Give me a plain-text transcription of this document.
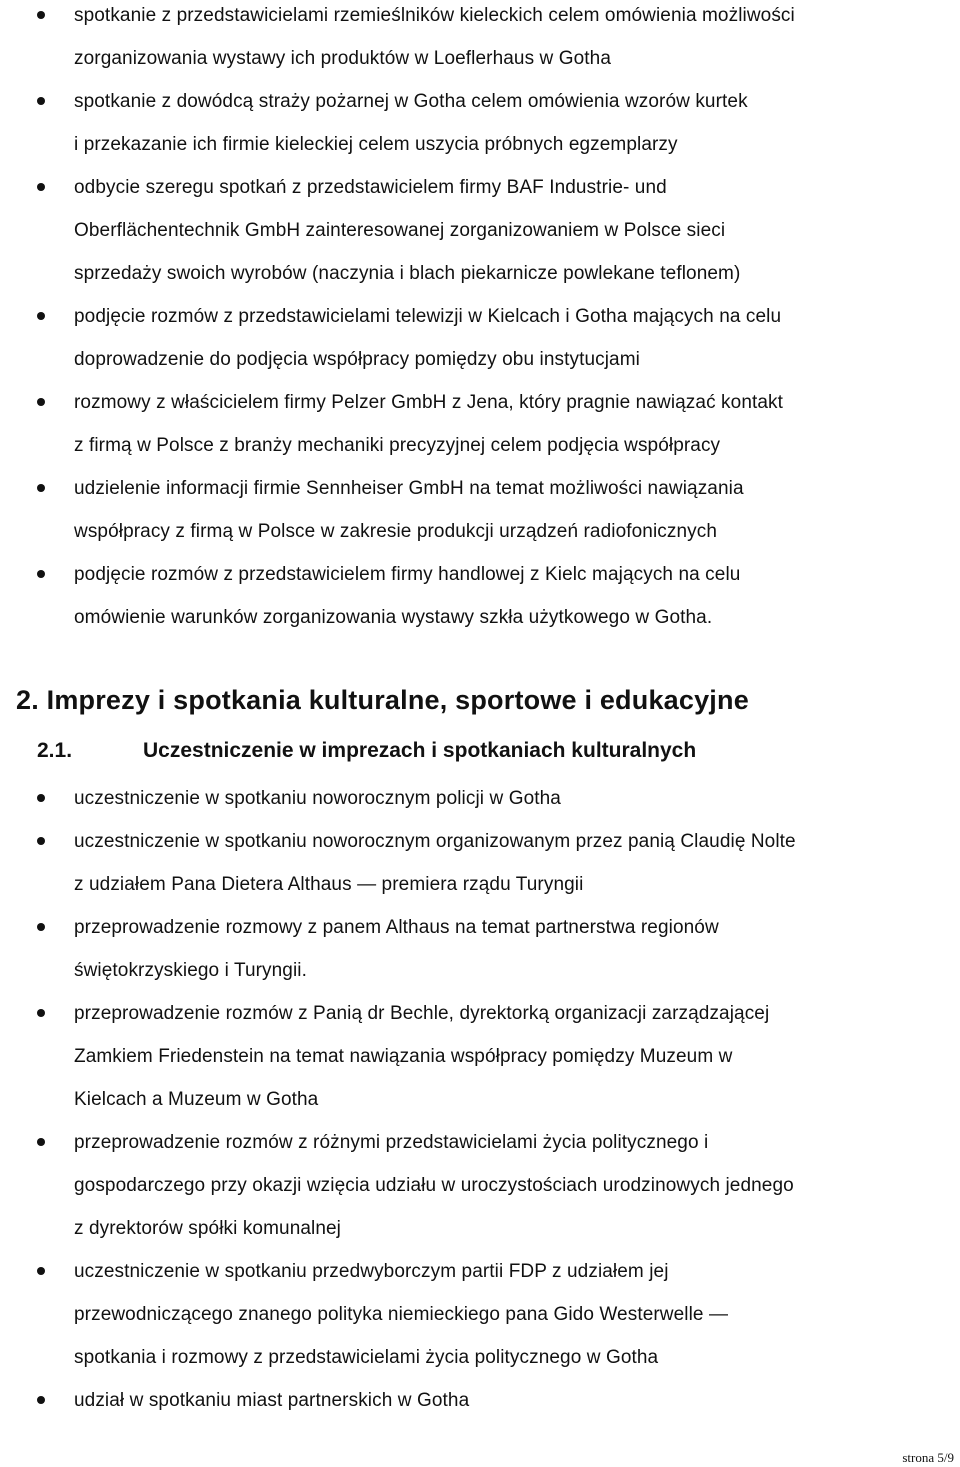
spotkanie z przedstawicielami rzemieślników kieleckich celem omówienia możliwości
zorganizowania wystawy ich produktów w Loeflerhaus w Gotha
spotkanie z dowódcą straży pożarnej w Gotha celem omówienia wzorów kurtek
i przekazanie ich firmie kieleckiej celem uszycia próbnych egzemplarzy
odbycie szeregu spotkań z przedstawicielem firmy BAF Industrie- und
Oberflächentechnik GmbH zainteresowanej zorganizowaniem w Polsce sieci
sprzedaży swoich wyrobów (naczynia i blach piekarnicze powlekane teflonem)
podjęcie rozmów z przedstawicielami telewizji w Kielcach i Gotha mających na celu
doprowadzenie do podjęcia współpracy pomiędzy obu instytucjami
rozmowy z właścicielem firmy Pelzer GmbH z Jena, który pragnie nawiązać kontakt
z firmą w Polsce z branży mechaniki precyzyjnej celem podjęcia współpracy
udzielenie informacji firmie Sennheiser GmbH na temat możliwości nawiązania
współpracy z firmą w Polsce w zakresie produkcji urządzeń radiofonicznych
podjęcie rozmów z przedstawicielem firmy handlowej z Kielc mających na celu
omówienie warunków zorganizowania wystawy szkła użytkowego w Gotha.
2. Imprezy i spotkania kulturalne, sportowe i edukacyjne
2.1.	Uczestniczenie w imprezach i spotkaniach kulturalnych
uczestniczenie w spotkaniu noworocznym policji w Gotha
uczestniczenie w spotkaniu noworocznym organizowanym przez panią Claudię Nolte
z udziałem Pana Dietera Althaus — premiera rządu Turyngii
przeprowadzenie rozmowy z panem Althaus na temat partnerstwa regionów
świętokrzyskiego i Turyngii.
przeprowadzenie rozmów z Panią dr Bechle, dyrektorką organizacji zarządzającej
Zamkiem Friedenstein na temat nawiązania współpracy pomiędzy Muzeum w
Kielcach a Muzeum w Gotha
przeprowadzenie rozmów z różnymi przedstawicielami życia politycznego i
gospodarczego przy okazji wzięcia udziału w uroczystościach urodzinowych jednego
z dyrektorów spółki komunalnej
uczestniczenie w spotkaniu przedwyborczym partii FDP z udziałem jej
przewodniczącego znanego polityka niemieckiego pana Gido Westerwelle —
spotkania i rozmowy z przedstawicielami życia politycznego w Gotha
udział w spotkaniu miast partnerskich w Gotha
strona 5/9
